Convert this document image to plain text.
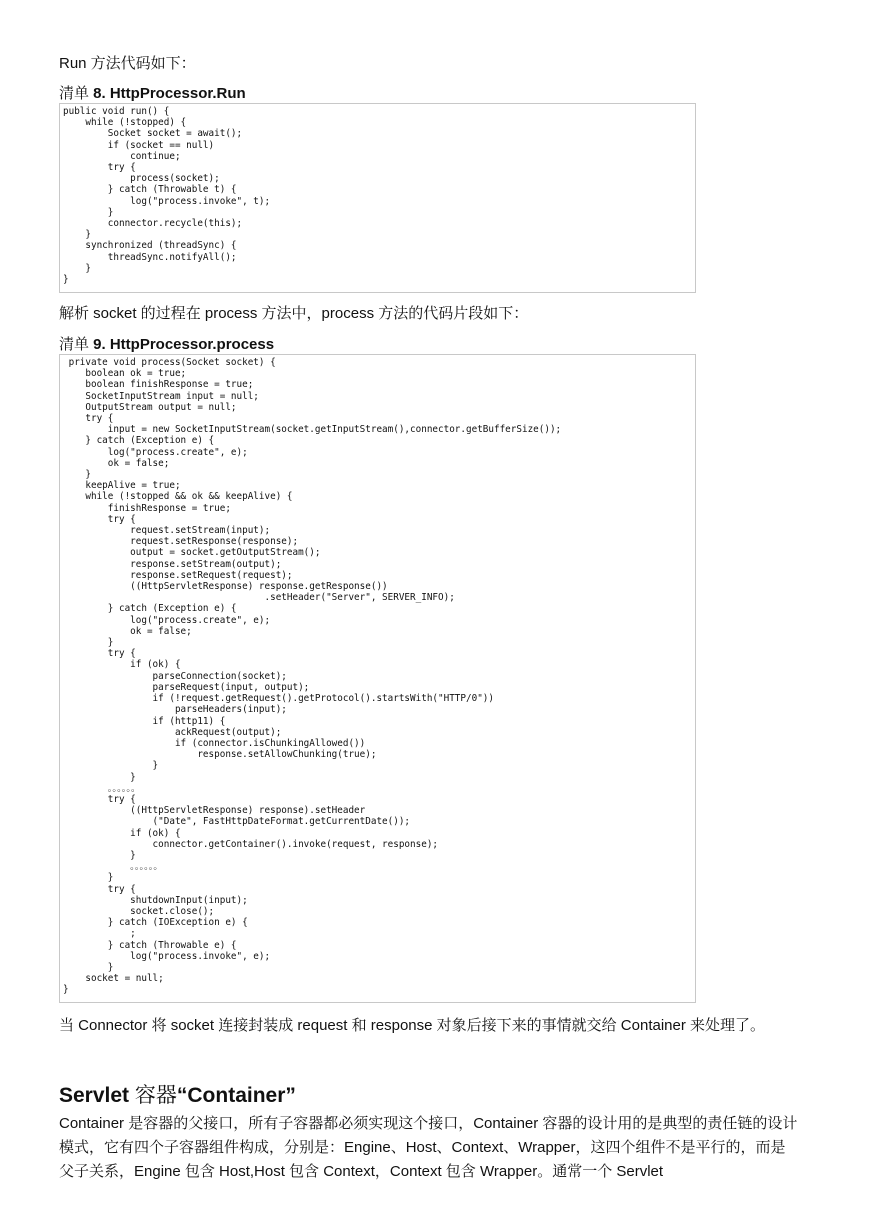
Run 方法代码如下：

清单 8. HttpProcessor.Run

public void run() {
while (!stopped) {
Socket socket = await();
if (socket == null)
continue;
try {
process(socket);
} catch (Throwable t) {
log("process.invoke", t);
}
connector.recycle(this);
}
synchronized (threadSync) {
threadSync.notifyAll();
}
}

解析 socket 的过程在 process 方法中，process 方法的代码片段如下：

清单 9. HttpProcessor.process

private void process(Socket socket) {
boolean ok = true;
boolean finishResponse = true;
SocketInputStream input = null;
OutputStream output = null;
try {
input = new SocketInputStream(socket.getInputStream(),connector.getBufferSize());
} catch (Exception e) {
log("process.create", e);
ok = false;
}
keepAlive = true;
while (!stopped && ok && keepAlive) {
finishResponse = true;
try {
request.setStream(input);
request.setResponse(response);
output = socket.getOutputStream();
response.setStream(output);
response.setRequest(request);
((HttpServletResponse) response.getResponse())
.setHeader("Server", SERVER_INFO);
} catch (Exception e) {
log("process.create", e);
ok = false;
}
try {
if (ok) {
parseConnection(socket);
parseRequest(input, output);
if (!request.getRequest().getProtocol().startsWith("HTTP/0"))
parseHeaders(input);
if (http11) {
ackRequest(output);
if (connector.isChunkingAllowed())
response.setAllowChunking(true);
}
}
。。。。。。
try {
((HttpServletResponse) response).setHeader
("Date", FastHttpDateFormat.getCurrentDate());
if (ok) {
connector.getContainer().invoke(request, response);
}
。。。。。。
}
try {
shutdownInput(input);
socket.close();
} catch (IOException e) {
;
} catch (Throwable e) {
log("process.invoke", e);
}
socket = null;
}

当 Connector 将 socket 连接封装成 request 和 response 对象后接下来的事情就交给 Container 来处理了。

Servlet 容器“Container”

Container 是容器的父接口，所有子容器都必须实现这个接口，Container 容器的设计用的是典型的责任链的设计模式，它有四个子容器组件构成，分别是：Engine、Host、Context、Wrapper，这四个组件不是平行的，而是父子关系，Engine 包含 Host,Host 包含 Context，Context 包含 Wrapper。通常一个 Servlet
